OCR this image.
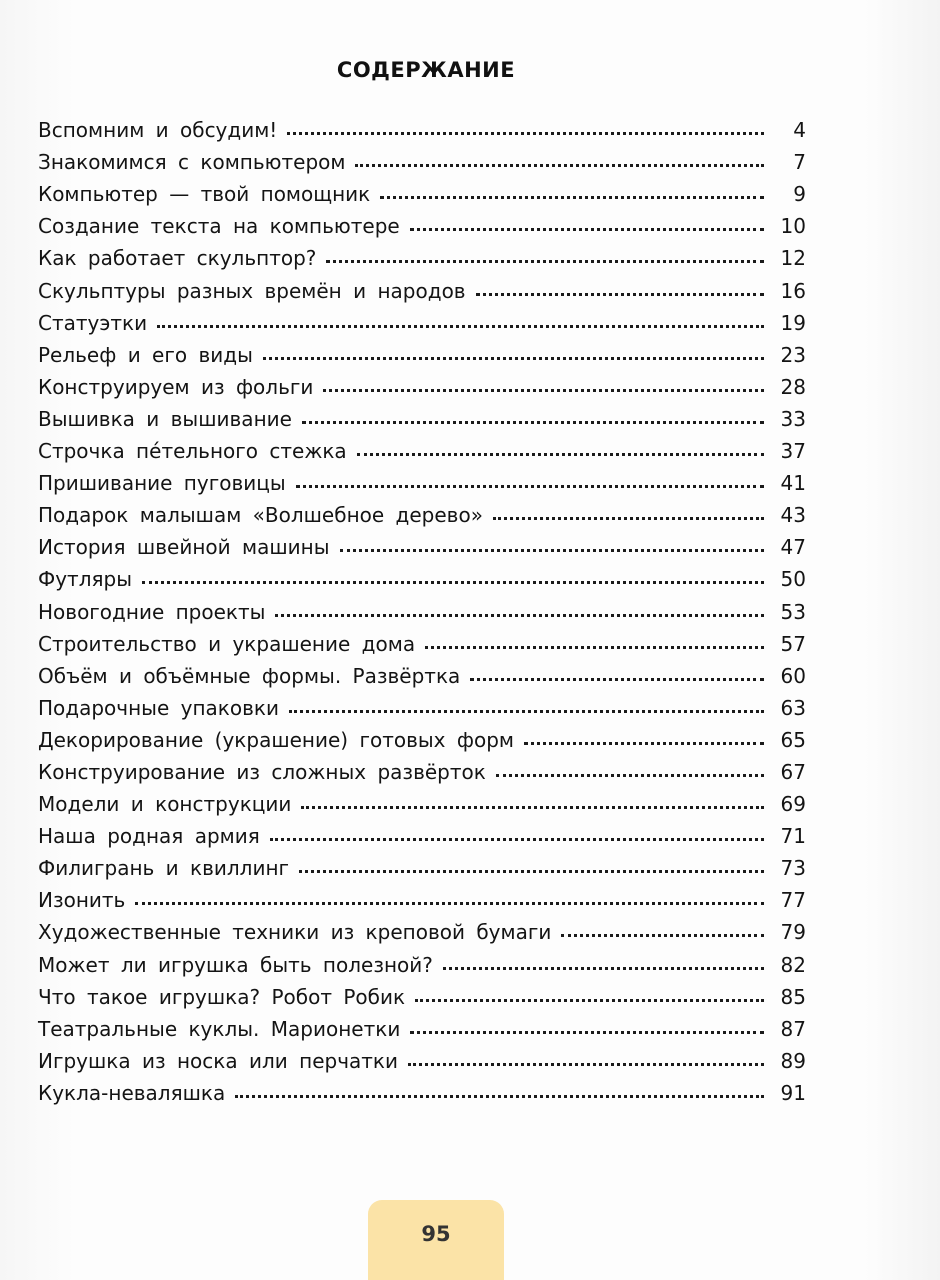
СОДЕРЖАНИЕ
Вспомним и обсудим!	4
Знакомимся с компьютером	7
Компьютер — твой помощник	9
Создание текста на компьютере	10
Как работает скульптор?	12
Скульптуры разных времён и народов	16
Статуэтки	19
Рельеф и его виды	23
Конструируем из фольги	28
Вышивка и вышивание	33
Строчка пéтельного стежка	37
Пришивание пуговицы	41
Подарок малышам «Волшебное дерево»	43
История швейной машины	47
Футляры	50
Новогодние проекты	53
Строительство и украшение дома	57
Объём и объёмные формы. Развёртка	60
Подарочные упаковки	63
Декорирование (украшение) готовых форм	65
Конструирование из сложных развёрток	67
Модели и конструкции	69
Наша родная армия	71
Филигрань и квиллинг	73
Изонить	77
Художественные техники из креповой бумаги	79
Может ли игрушка быть полезной?	82
Что такое игрушка? Робот Робик	85
Театральные куклы. Марионетки	87
Игрушка из носка или перчатки	89
Кукла-неваляшка	91
95
